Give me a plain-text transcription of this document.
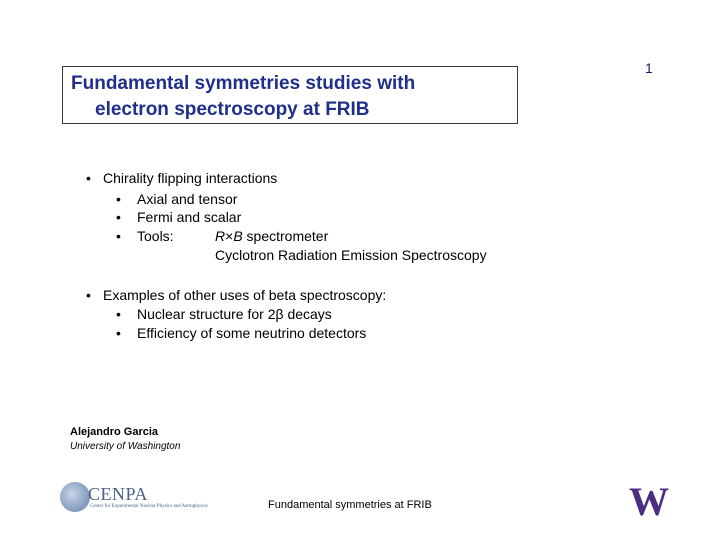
1
Fundamental symmetries studies with
electron spectroscopy at FRIB
• Chirality flipping interactions
• Axial and tensor
• Fermi and scalar
• Tools:	R×B spectrometer
Cyclotron Radiation Emission Spectroscopy
• Examples of other uses of beta spectroscopy:
• Nuclear structure for 2β decays
• Efficiency of some neutrino detectors
Alejandro Garcia
University of Washington
CENPA
Center for Experimental Nuclear Physics and Astrophysics	Fundamental symmetries at FRIB	W
